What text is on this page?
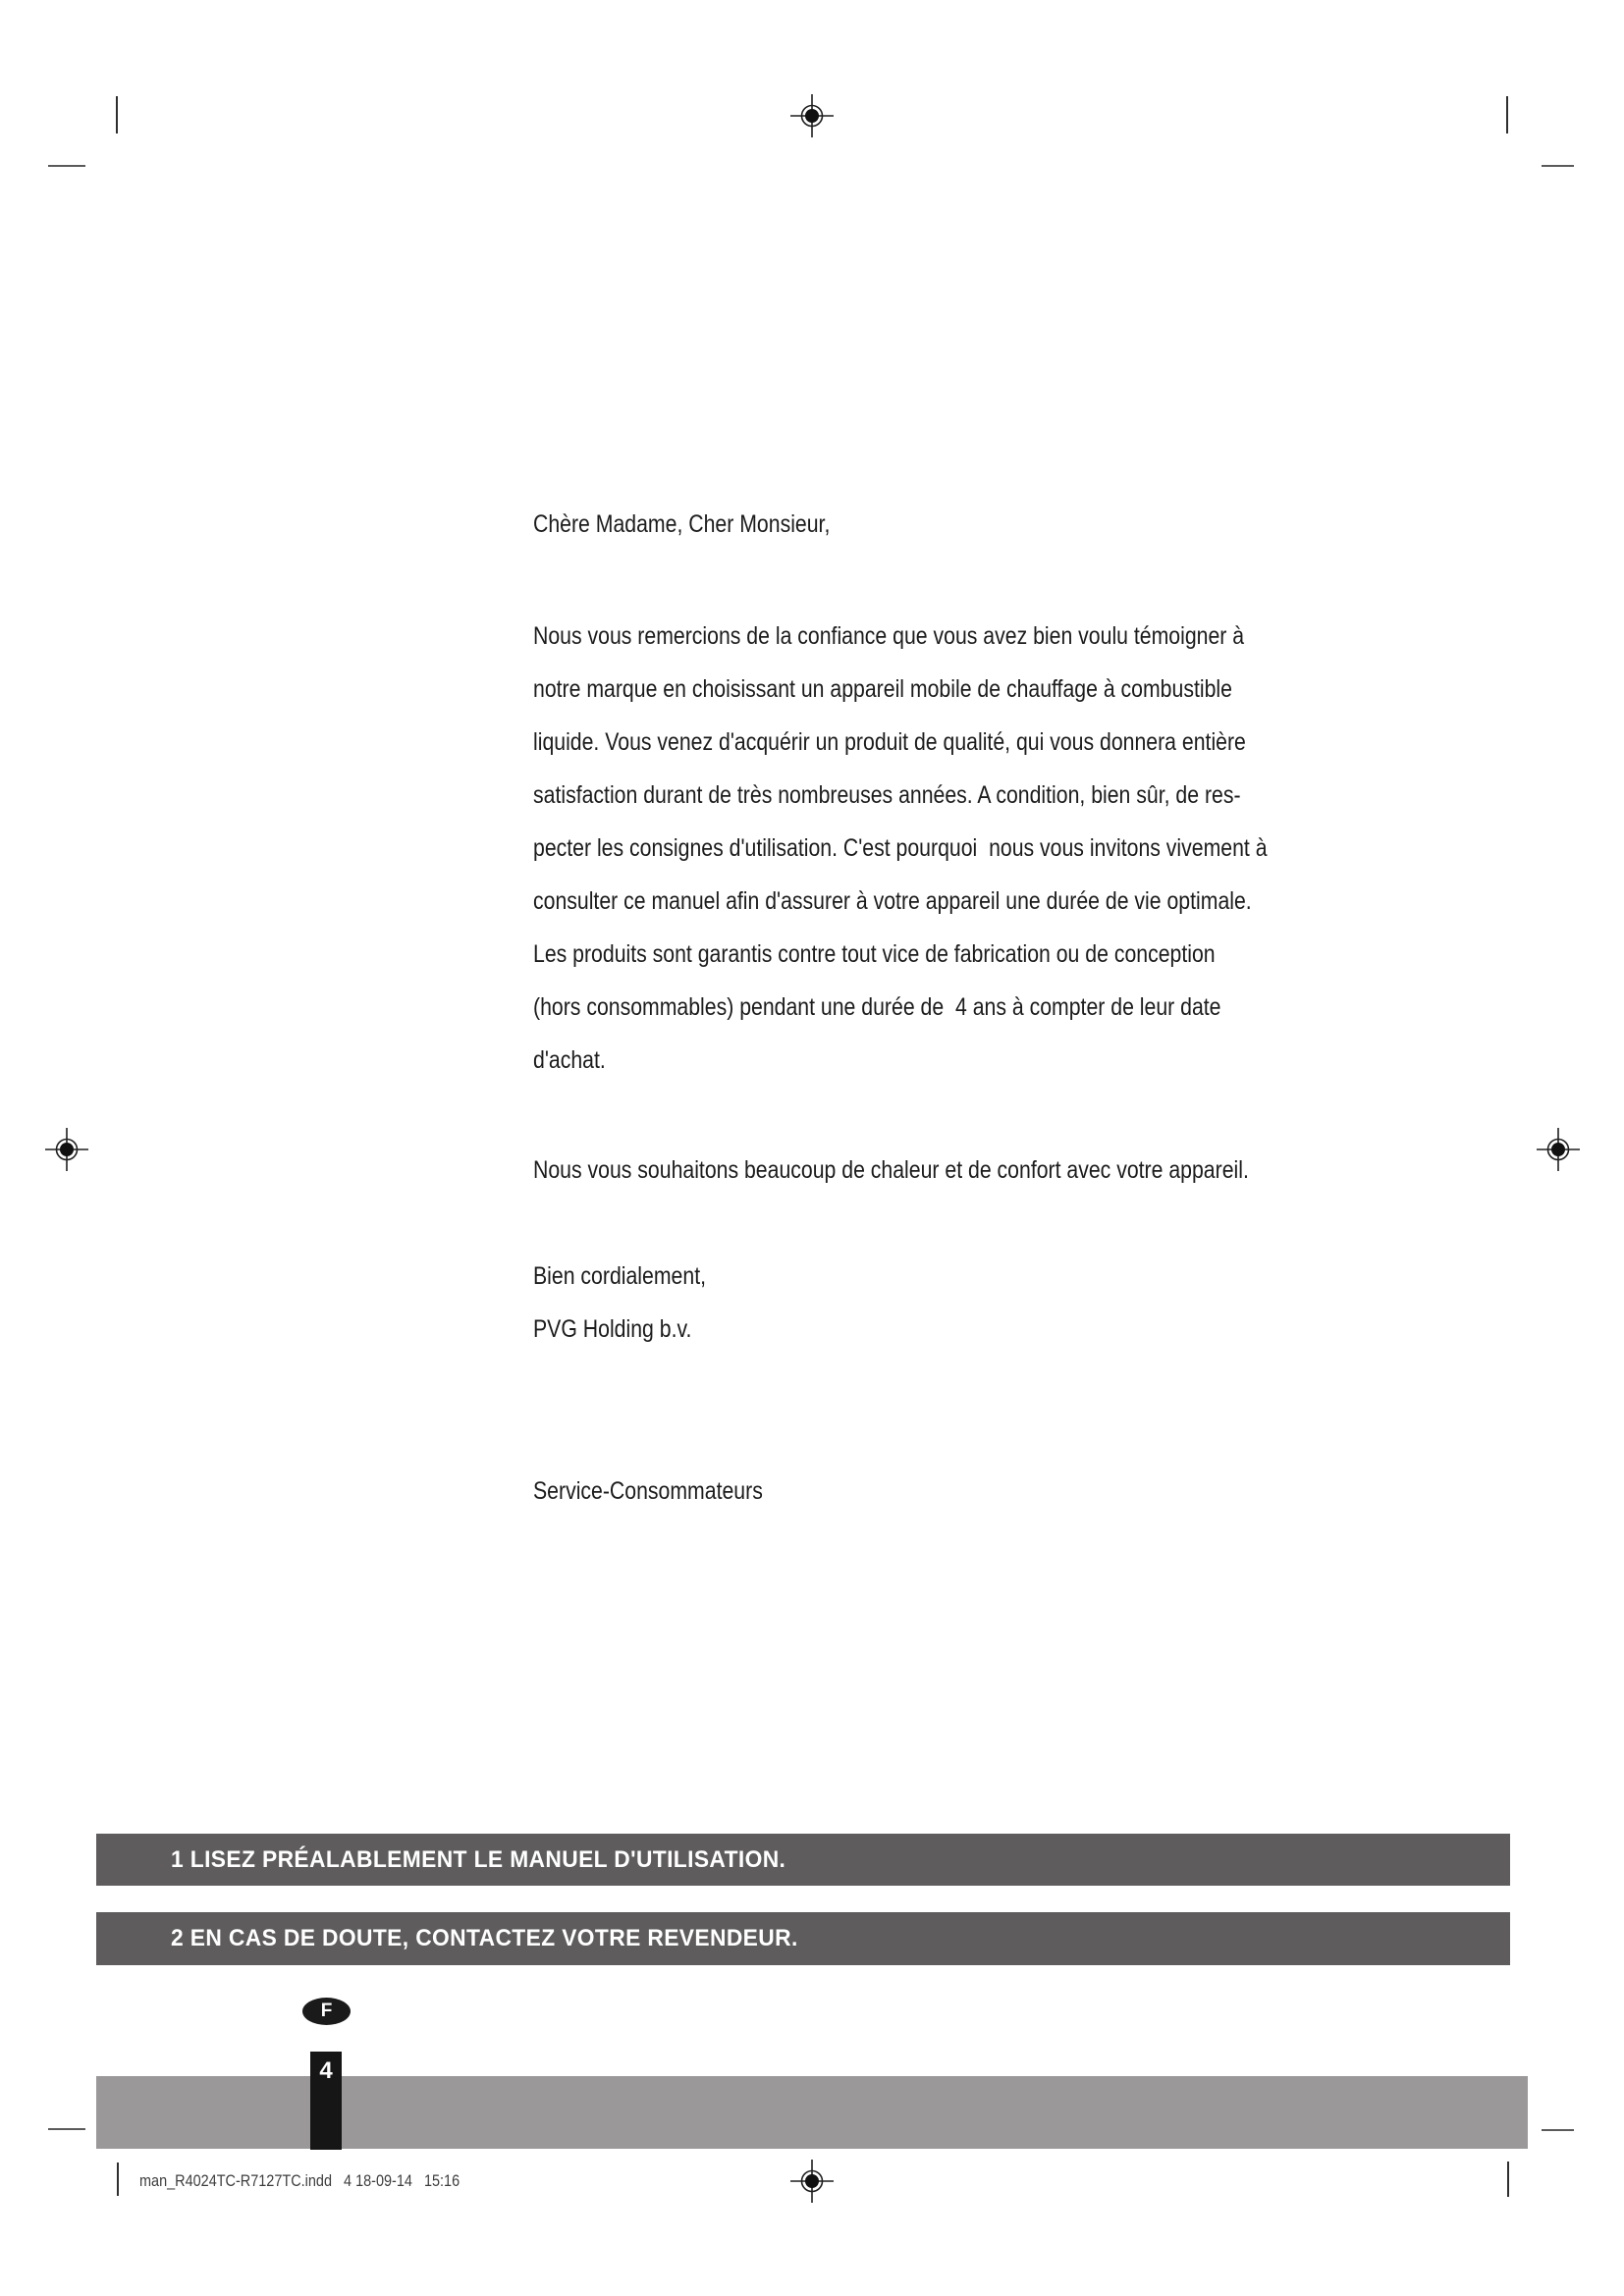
Chère Madame, Cher Monsieur,
Nous vous remercions de la confiance que vous avez bien voulu témoigner à
notre marque en choisissant un appareil mobile de chauffage à combustible
liquide. Vous venez d'acquérir un produit de qualité, qui vous donnera entière
satisfaction durant de très nombreuses années. A condition, bien sûr, de res-
pecter les consignes d'utilisation. C'est pourquoi  nous vous invitons vivement à
consulter ce manuel afin d'assurer à votre appareil une durée de vie optimale.
Les produits sont garantis contre tout vice de fabrication ou de conception
(hors consommables) pendant une durée de  4 ans à compter de leur date
d'achat.
Nous vous souhaitons beaucoup de chaleur et de confort avec votre appareil.
Bien cordialement,
PVG Holding b.v.
Service-Consommateurs
1 LISEZ PRÉALABLEMENT LE MANUEL D'UTILISATION.
2 EN CAS DE DOUTE, CONTACTEZ VOTRE REVENDEUR.
F
4
man_R4024TC-R7127TC.indd   4 18-09-14   15:16
